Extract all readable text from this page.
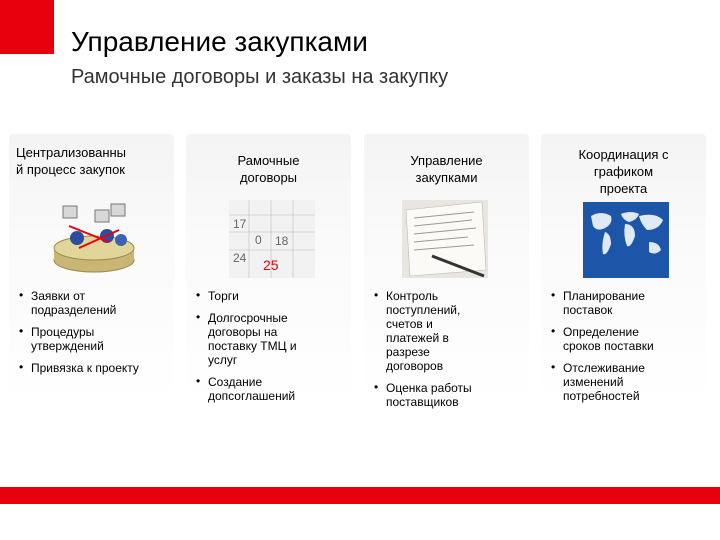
Управление закупками
Рамочные договоры и заказы на закупку
Централизованны
й процесс закупок
• Заявки от
подразделений
• Процедуры
утверждений
• Привязка к проекту
Рамочные
договоры
17
18
24
0
25
• Торги
• Долгосрочные
договоры на
поставку ТМЦ и
услуг
• Создание
допсоглашений
Управление
закупками
• Контроль
поступлений,
счетов и
платежей в
разрезе
договоров
• Оценка работы
поставщиков
Координация с
графиком
проекта
• Планирование
поставок
• Определение
сроков поставки
• Отслеживание
изменений
потребностей
